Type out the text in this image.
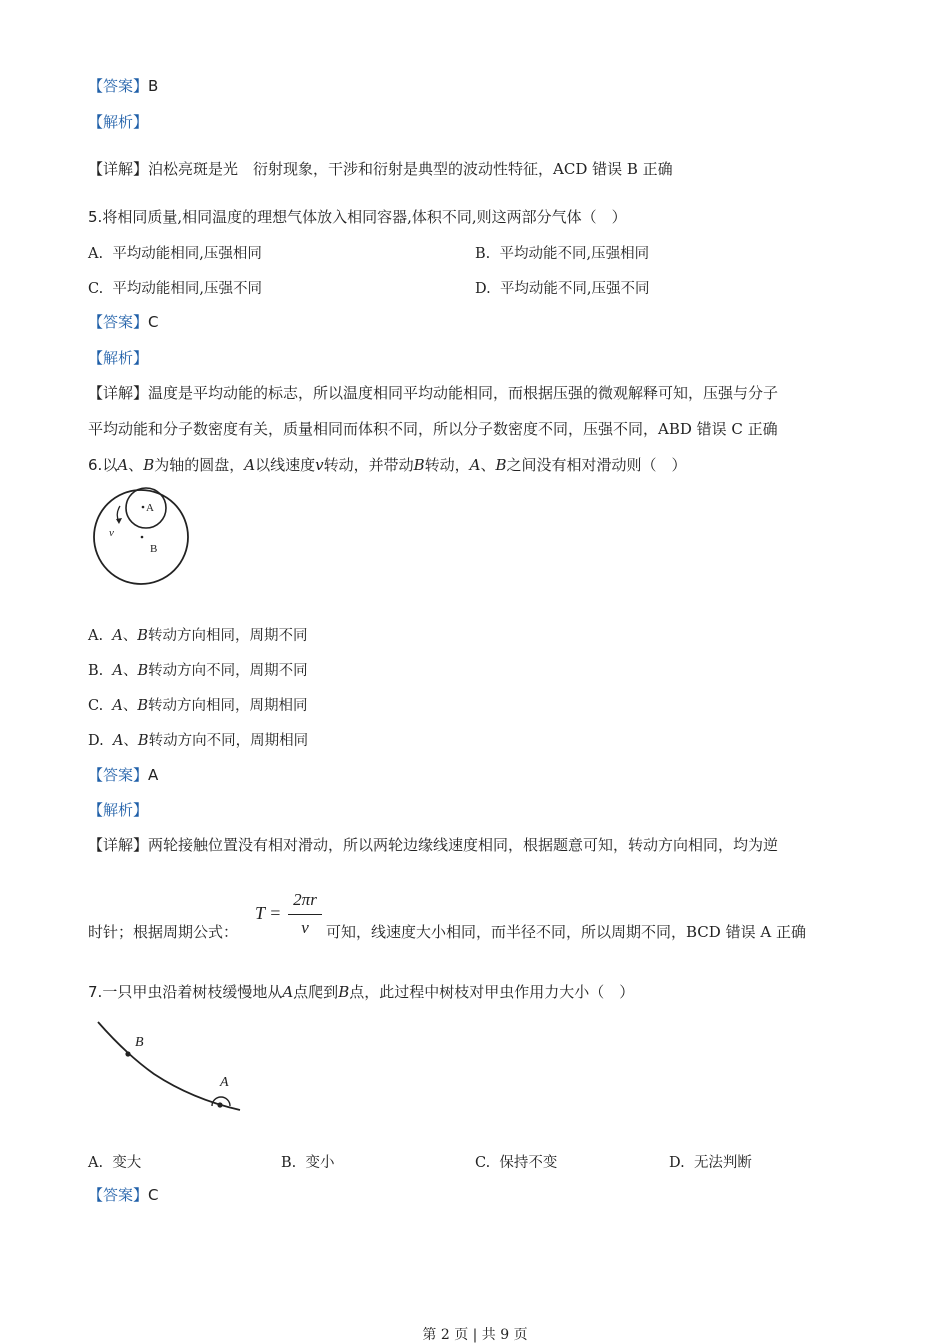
【答案】B
【解析】
【详解】泊松亮斑是光　衍射现象，干涉和衍射是典型的波动性特征，ACD 错误 B 正确
5.将相同质量,相同温度的理想气体放入相同容器,体积不同,则这两部分气体（　）
A. 平均动能相同,压强相同	B. 平均动能不同,压强相同
C. 平均动能相同,压强不同	D. 平均动能不同,压强不同
【答案】C
【解析】
【详解】温度是平均动能的标志，所以温度相同平均动能相同，而根据压强的微观解释可知，压强与分子
平均动能和分子数密度有关，质量相同而体积不同，所以分子数密度不同，压强不同，ABD 错误 C 正确
6.以A、B为轴的圆盘，A以线速度v转动，并带动B转动，A、B之间没有相对滑动则（　）
A
B
v
A. A、B转动方向相同，周期不同
B. A、B转动方向不同，周期不同
C. A、B转动方向相同，周期相同
D. A、B转动方向不同，周期相同
【答案】A
【解析】
【详解】两轮接触位置没有相对滑动，所以两轮边缘线速度相同，根据题意可知，转动方向相同，均为逆
时针；根据周期公式：
T =
2πr
v	可知，线速度大小相同，而半径不同，所以周期不同，BCD 错误 A 正确
7.一只甲虫沿着树枝缓慢地从A点爬到B点，此过程中树枝对甲虫作用力大小（　）
B
A
A. 变大	B. 变小	C. 保持不变	D. 无法判断
【答案】C
第 2 页 | 共 9 页
